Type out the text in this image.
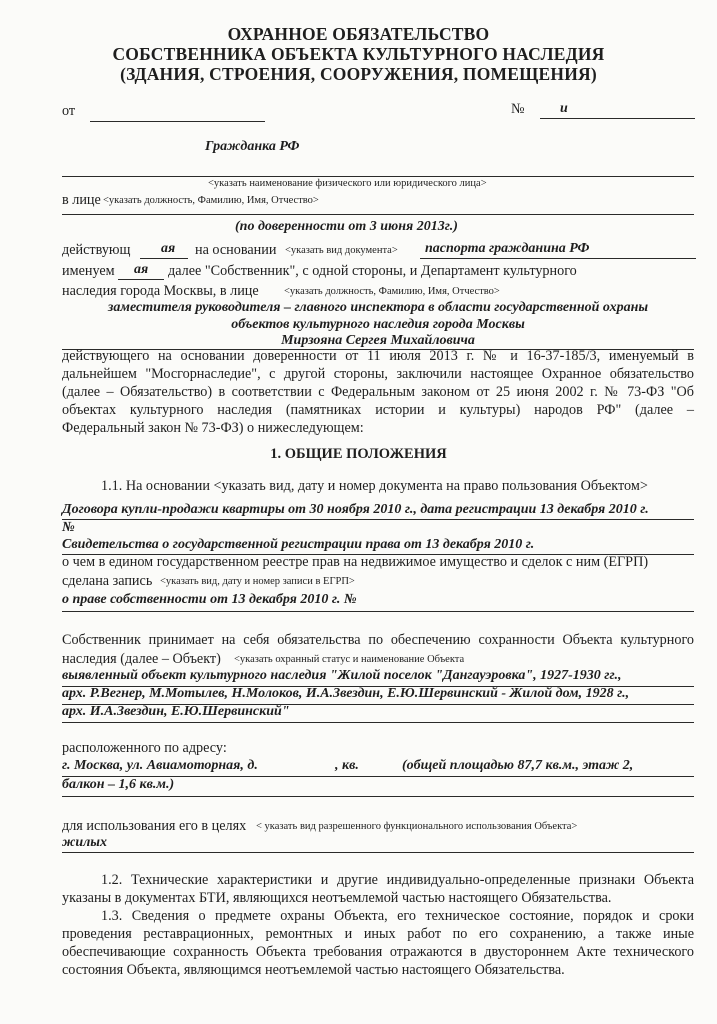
ОХРАННОЕ ОБЯЗАТЕЛЬСТВО
СОБСТВЕННИКА ОБЪЕКТА КУЛЬТУРНОГО НАСЛЕДИЯ
(ЗДАНИЯ, СТРОЕНИЯ, СООРУЖЕНИЯ, ПОМЕЩЕНИЯ)
от	№	и
Гражданка РФ
<указать наименование физического или юридического лица>
в лице <указать должность, Фамилию, Имя, Отчество>
(по доверенности от 3 июня 2013г.)
действующ ая на основании <указать вид документа> паспорта гражданина РФ
именуем ая далее "Собственник", с одной стороны, и Департамент культурного
наследия города Москвы, в лице <указать должность, Фамилию, Имя, Отчество>
заместителя руководителя – главного инспектора в области государственной охраны
объектов культурного наследия города Москвы
Мирзояна Сергея Михайловича
действующего на основании доверенности от 11 июля 2013 г. № и 16-37-185/3, именуемый в
дальнейшем "Мосгорнаследие", с другой стороны, заключили настоящее Охранное обязательство
(далее – Обязательство) в соответствии с Федеральным законом от 25 июня 2002 г. № 73-ФЗ "Об
объектах культурного наследия (памятниках истории и культуры) народов РФ" (далее –
Федеральный закон № 73-ФЗ) о нижеследующем:
1. ОБЩИЕ ПОЛОЖЕНИЯ
1.1. На основании <указать вид, дату и номер документа на право пользования Объектом>
Договора купли-продажи квартиры от 30 ноября 2010 г., дата регистрации 13 декабря 2010 г.
№
Свидетельства о государственной регистрации права от 13 декабря 2010 г.
о чем в едином государственном реестре прав на недвижимое имущество и сделок с ним (ЕГРП)
сделана запись <указать вид, дату и номер записи в ЕГРП>
о праве собственности от 13 декабря 2010 г. №
Собственник принимает на себя обязательства по обеспечению сохранности Объекта культурного
наследия (далее – Объект) <указать охранный статус и наименование Объекта
выявленный объект культурного наследия "Жилой поселок "Дангауэровка", 1927-1930 гг.,
арх. Р.Вегнер, М.Мотылев, Н.Молоков, И.А.Звездин, Е.Ю.Шервинский - Жилой дом, 1928 г.,
арх. И.А.Звездин, Е.Ю.Шервинский"
расположенного по адресу:
г. Москва, ул. Авиамоторная, д.	, кв.	(общей площадью 87,7 кв.м., этаж 2,
балкон – 1,6 кв.м.)
для использования его в целях < указать вид разрешенного функционального использования Объекта>
жилых
1.2. Технические характеристики и другие индивидуально-определенные признаки Объекта
указаны в документах БТИ, являющихся неотъемлемой частью настоящего Обязательства.
1.3. Сведения о предмете охраны Объекта, его техническое состояние, порядок и сроки
проведения реставрационных, ремонтных и иных работ по его сохранению, а также иные
обеспечивающие сохранность Объекта требования отражаются в двустороннем Акте технического
состояния Объекта, являющимся неотъемлемой частью настоящего Обязательства.
